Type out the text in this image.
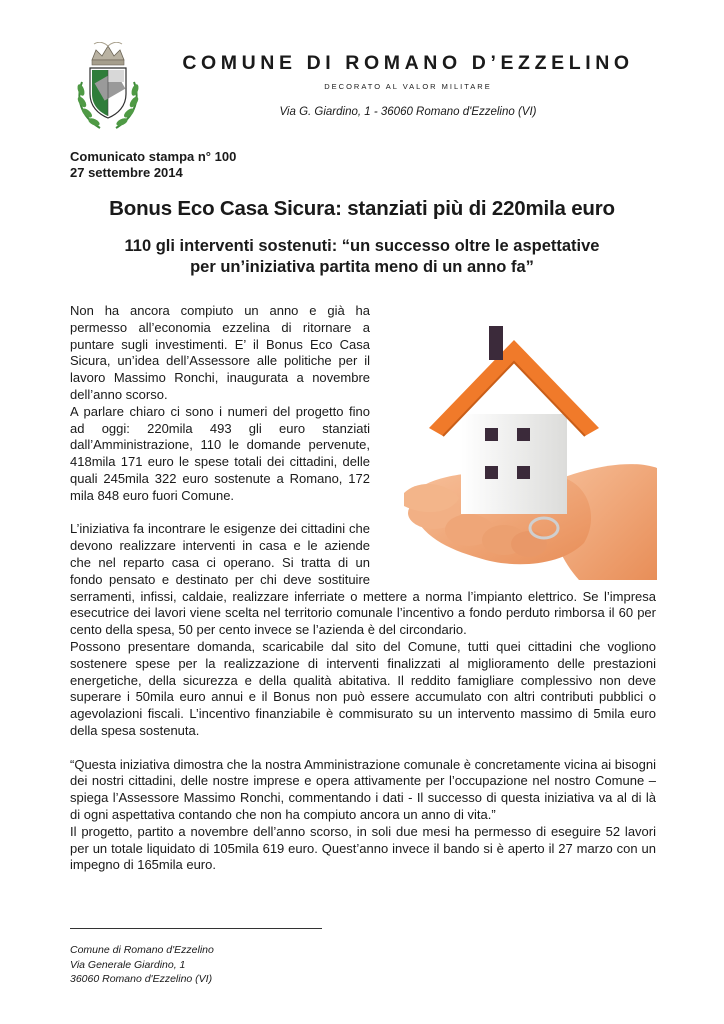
COMUNE DI ROMANO D’EZZELINO
DECORATO AL VALOR MILITARE
Via G. Giardino, 1 - 36060 Romano d'Ezzelino (VI)
Comunicato stampa n° 100
27 settembre 2014
Bonus Eco Casa Sicura: stanziati più di 220mila euro
110 gli interventi sostenuti: “un successo oltre le aspettative
per un’iniziativa partita meno di un anno fa”

Non ha ancora compiuto un anno e già ha permesso all’economia ezzelina di ritornare a puntare sugli investimenti. E’ il Bonus Eco Casa Sicura, un’idea dell’Assessore alle politiche per il lavoro Massimo Ronchi, inaugurata a novembre dell’anno scorso.

A parlare chiaro ci sono i numeri del progetto fino ad oggi: 220mila 493 gli euro stanziati dall’Amministrazione, 110 le domande pervenute, 418mila 171 euro le spese totali dei cittadini, delle quali 245mila 322 euro sostenute a Romano, 172 mila 848 euro fuori Comune.

L’iniziativa fa incontrare le esigenze dei cittadini che devono realizzare interventi in casa e le aziende che nel reparto casa ci operano. Si tratta di un fondo pensato e destinato per chi deve sostituire serramenti, infissi, caldaie, realizzare inferriate o mettere a norma l’impianto elettrico. Se l’impresa esecutrice dei lavori viene scelta nel territorio comunale l’incentivo a fondo perduto rimborsa il 60 per cento della spesa, 50 per cento invece se l’azienda è del circondario.

Possono presentare domanda, scaricabile dal sito del Comune, tutti quei cittadini che vogliono sostenere spese per la realizzazione di interventi finalizzati al miglioramento delle prestazioni energetiche, della sicurezza e della qualità abitativa. Il reddito famigliare complessivo non deve superare i 50mila euro annui e il Bonus non può essere accumulato con altri contributi pubblici o agevolazioni fiscali. L’incentivo finanziabile è commisurato su un intervento massimo di 5mila euro della spesa sostenuta.

“Questa iniziativa dimostra che la nostra Amministrazione comunale è concretamente vicina ai bisogni dei nostri cittadini, delle nostre imprese e opera attivamente per l’occupazione nel nostro Comune – spiega l’Assessore Massimo Ronchi, commentando i dati - Il successo di questa iniziativa va al di là di ogni aspettativa contando che non ha compiuto ancora un anno di vita.”

Il progetto, partito a novembre dell’anno scorso, in soli due mesi ha permesso di eseguire 52 lavori per un totale liquidato di 105mila 619 euro. Quest’anno invece il bando si è aperto il 27 marzo con un impegno di 165mila euro.

Comune di Romano d'Ezzelino
Via Generale Giardino, 1
36060 Romano d'Ezzelino (VI)
